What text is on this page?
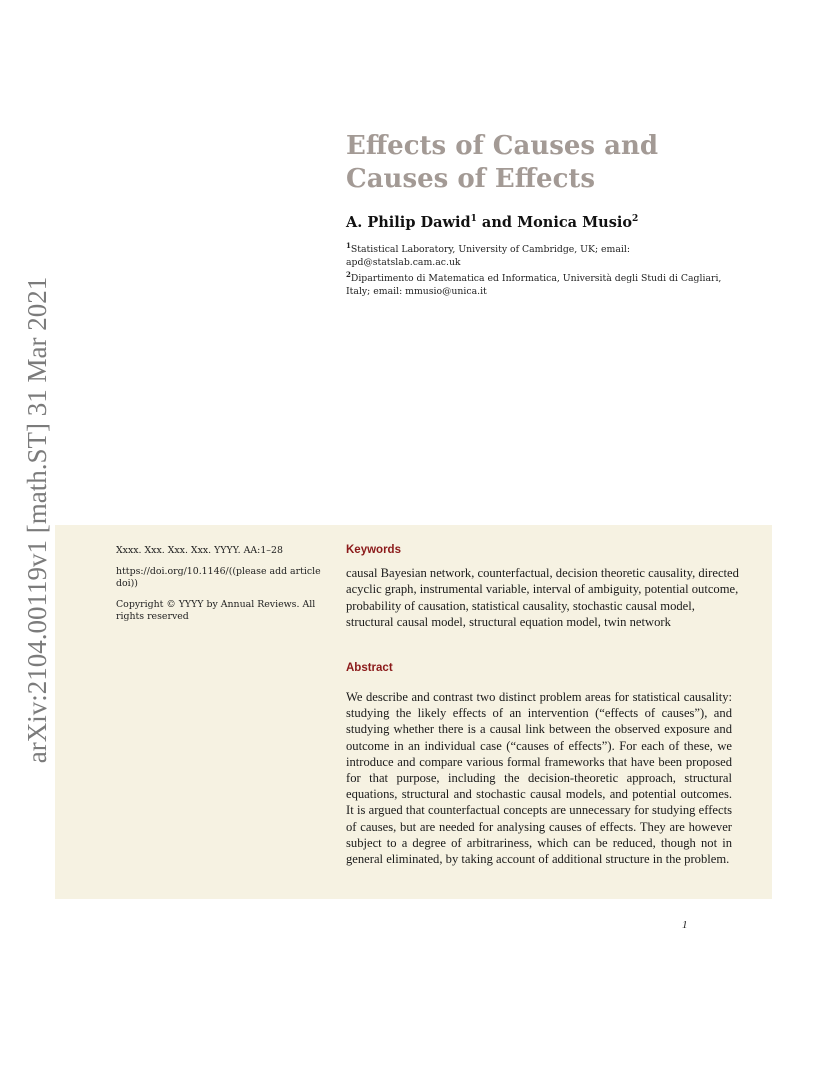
arXiv:2104.00119v1 [math.ST] 31 Mar 2021
Effects of Causes and
Causes of Effects
A. Philip Dawid$^1$ and Monica Musio$^2$
$^1$Statistical Laboratory, University of Cambridge, UK; email: apd@statslab.cam.ac.uk
$^2$Dipartimento di Matematica ed Informatica, Università degli Studi di Cagliari, Italy; email: mmusio@unica.it

Xxxx. Xxx. Xxx. Xxx. YYYY. AA:1–28

https://doi.org/10.1146/((please add article doi))

Copyright © YYYY by Annual Reviews. All rights reserved

Keywords

causal Bayesian network, counterfactual, decision theoretic causality, directed acyclic graph, instrumental variable, interval of ambiguity, potential outcome, probability of causation, statistical causality, stochastic causal model, structural causal model, structural equation model, twin network

Abstract

We describe and contrast two distinct problem areas for statistical causality: studying the likely effects of an intervention (“effects of causes”), and studying whether there is a causal link between the observed exposure and outcome in an individual case (“causes of effects”). For each of these, we introduce and compare various formal frameworks that have been proposed for that purpose, including the decision-theoretic approach, structural equations, structural and stochastic causal models, and potential outcomes. It is argued that counterfactual concepts are unnecessary for studying effects of causes, but are needed for analysing causes of effects. They are however subject to a degree of arbitrariness, which can be reduced, though not in general eliminated, by taking account of additional structure in the problem.

1
